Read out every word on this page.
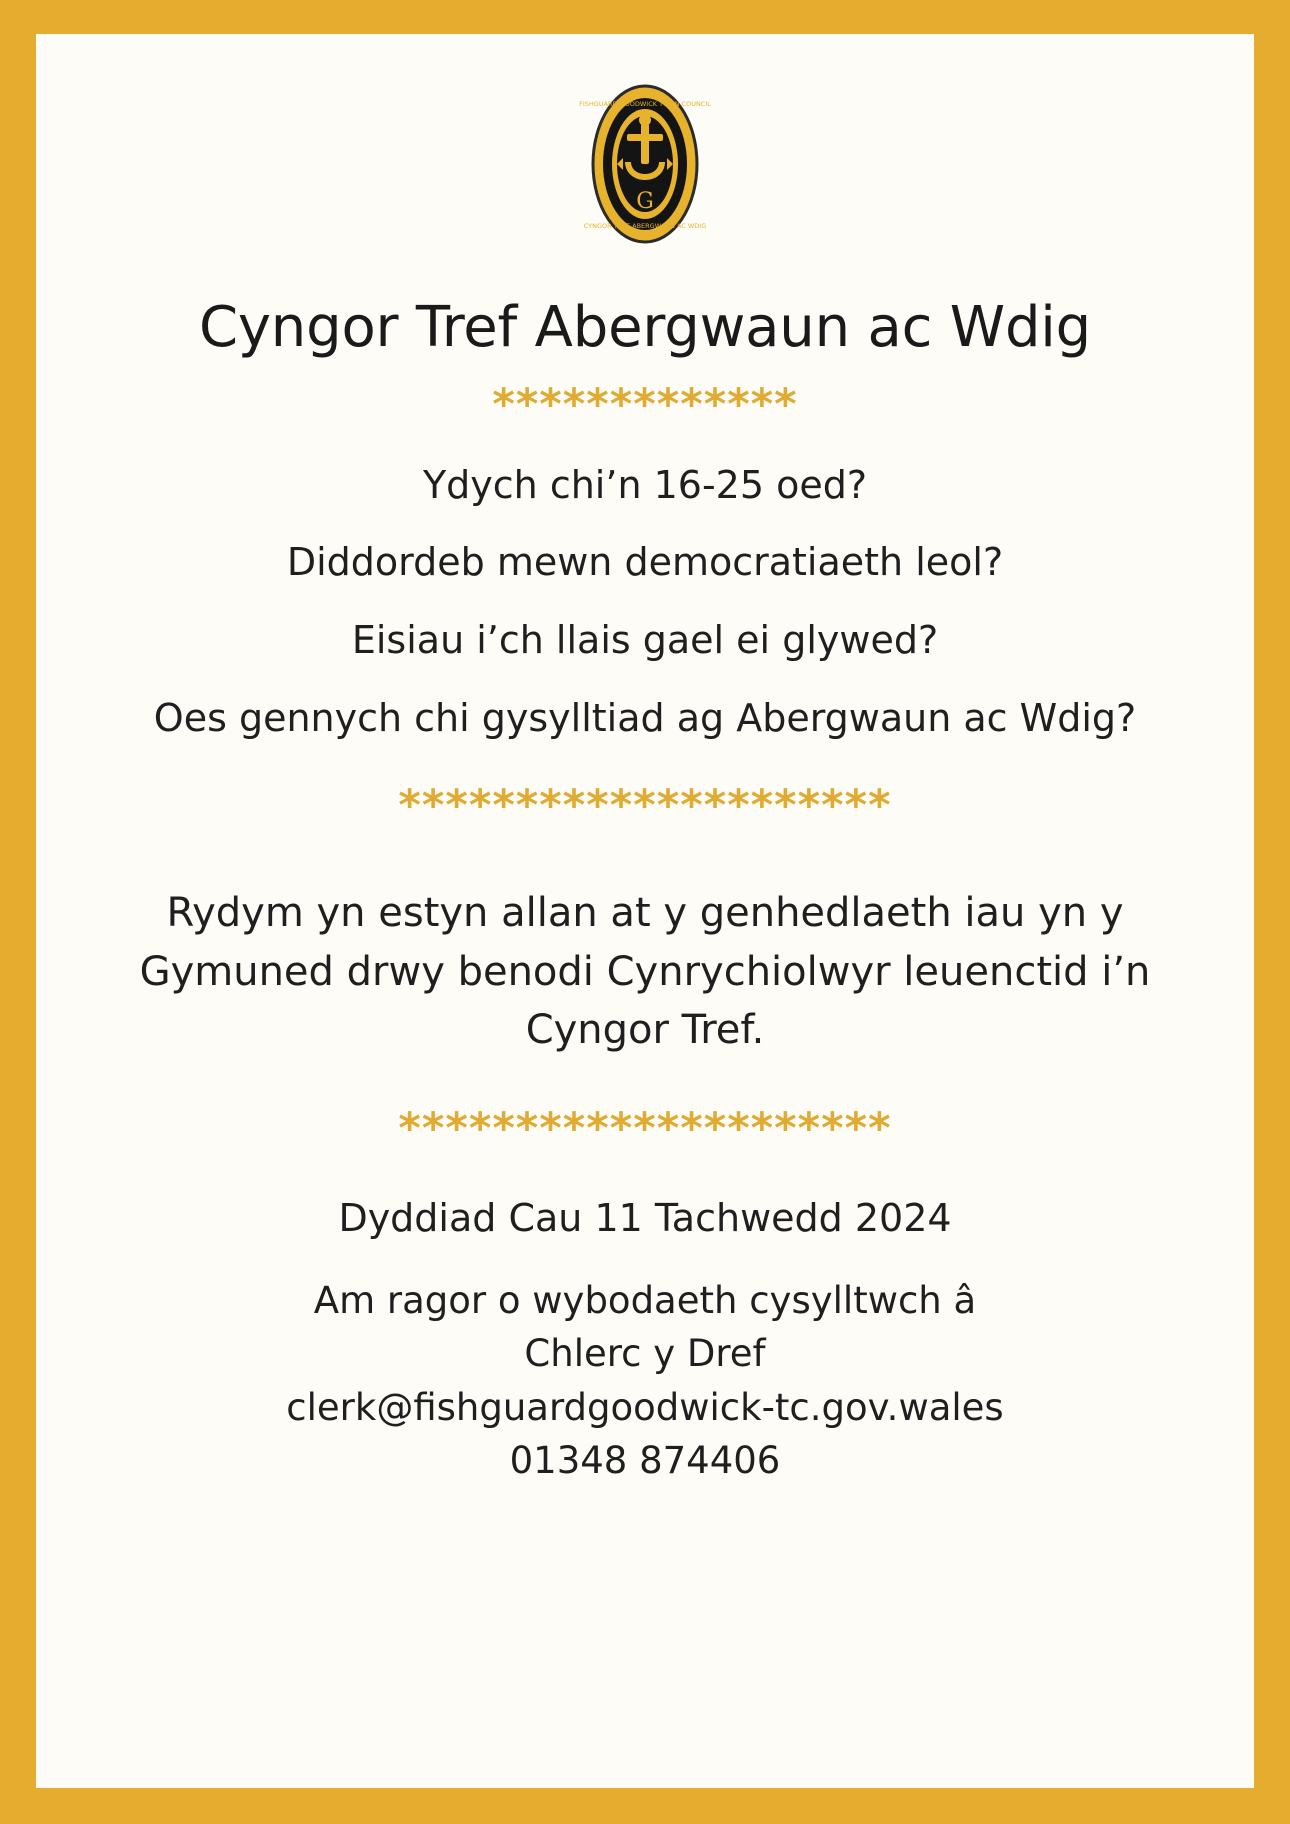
G
FISHGUARD GOODWICK TOWN COUNCIL
CYNGOR TREF ABERGWAUN AC WDIG
Cyngor Tref Abergwaun ac Wdig
*************
Ydych chi’n 16-25 oed?
Diddordeb mewn democratiaeth leol?
Eisiau i’ch llais gael ei glywed?
Oes gennych chi gysylltiad ag Abergwaun ac Wdig?
*********************
Rydym yn estyn allan at y genhedlaeth iau yn y Gymuned drwy benodi Cynrychiolwyr leuenctid i’n Cyngor Tref.
*********************
Dyddiad Cau 11 Tachwedd 2024
Am ragor o wybodaeth cysylltwch â
Chlerc y Dref
clerk@fishguardgoodwick-tc.gov.wales
01348 874406
